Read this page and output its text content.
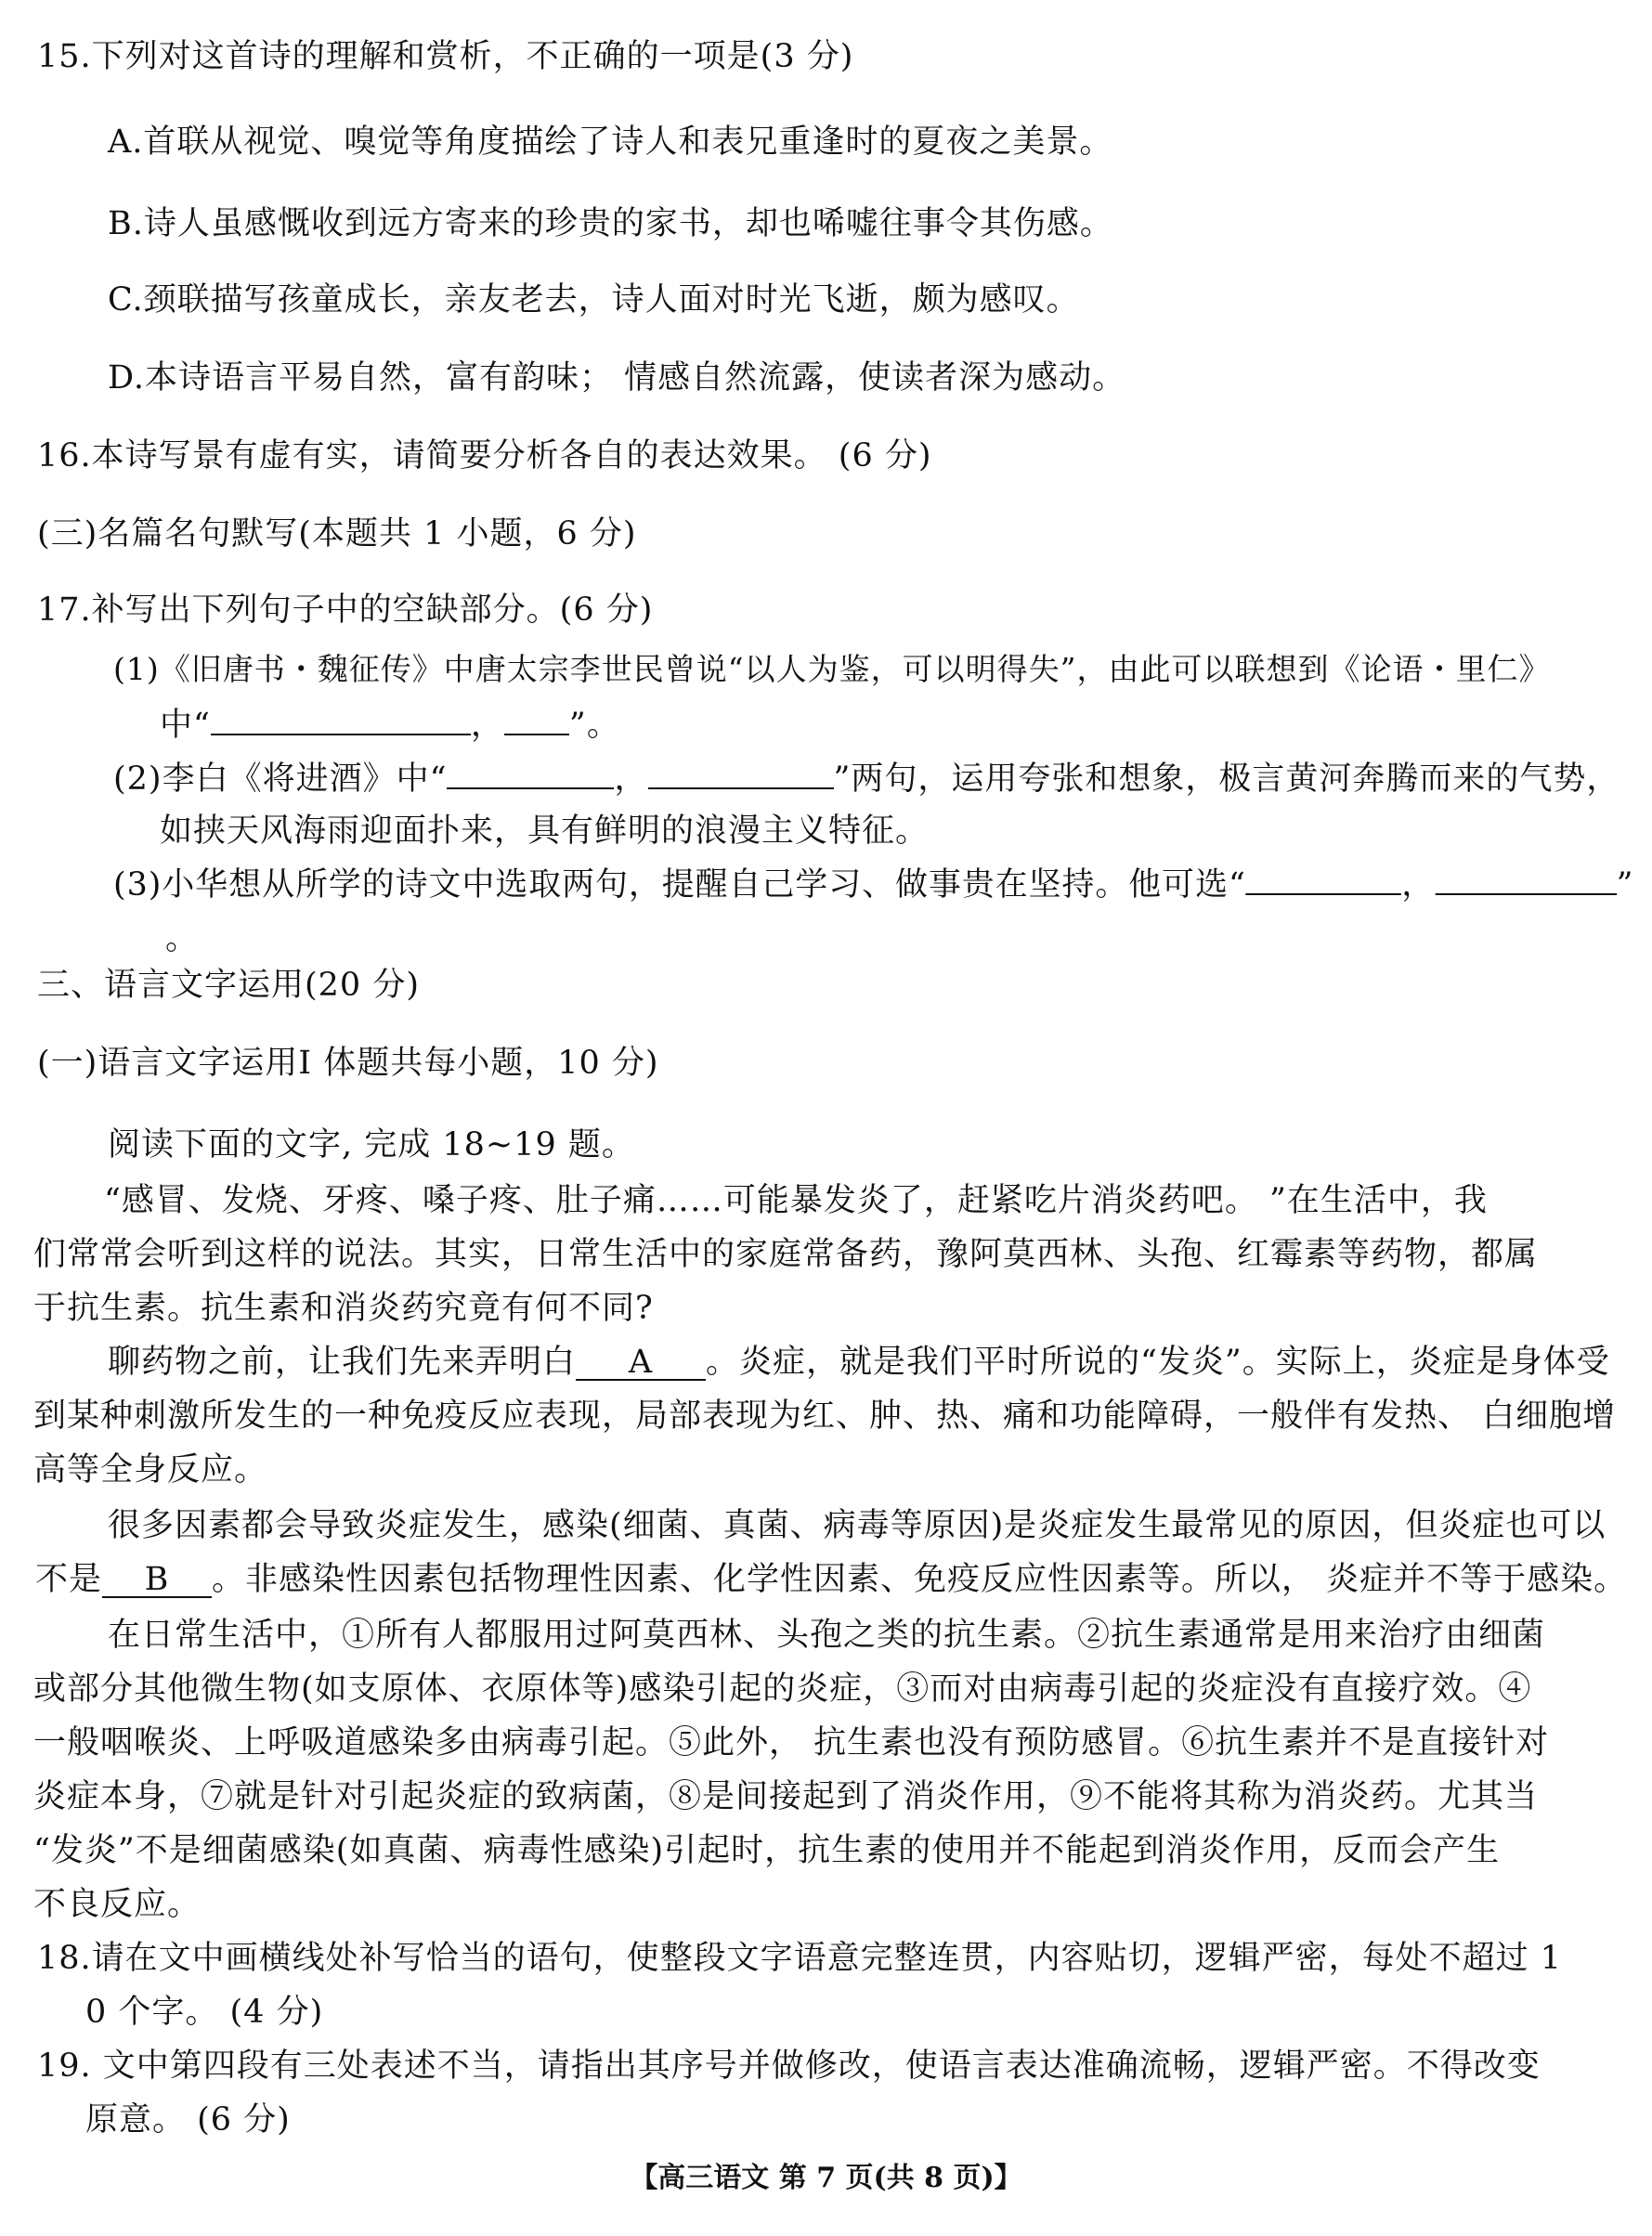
15.下列对这首诗的理解和赏析，不正确的一项是(3 分)
A.首联从视觉、嗅觉等角度描绘了诗人和表兄重逢时的夏夜之美景。
B.诗人虽感慨收到远方寄来的珍贵的家书，却也唏嘘往事令其伤感。
C.颈联描写孩童成长，亲友老去，诗人面对时光飞逝，颇为感叹。
D.本诗语言平易自然，富有韵味； 情感自然流露，使读者深为感动。
16.本诗写景有虚有实，请简要分析各自的表达效果。 (6 分)
(三)名篇名句默写(本题共 1 小题，6 分)
17.补写出下列句子中的空缺部分。(6 分)
(1)《旧唐书・魏征传》中唐太宗李世民曾说“以人为鉴，可以明得失”，由此可以联想到《论语・里仁》
中“	， ”。
(2)李白《将进酒》中“	，	”两句，运用夸张和想象，极言黄河奔腾而来的气势，
如挟天风海雨迎面扑来，具有鲜明的浪漫主义特征。
(3)小华想从所学的诗文中选取两句，提醒自己学习、做事贵在坚持。他可选“	，	”
。
三、语言文字运用(20 分)
(一)语言文字运用Ⅰ 体题共每小题，10 分)
阅读下面的文字, 完成 18~19 题。
“感冒、发烧、牙疼、嗓子疼、肚子痛……可能暴发炎了，赶紧吃片消炎药吧。 ”在生活中，我
们常常会听到这样的说法。其实，日常生活中的家庭常备药，豫阿莫西林、头孢、红霉素等药物，都属
于抗生素。抗生素和消炎药究竟有何不同?
聊药物之前，让我们先来弄明白 A 。炎症，就是我们平时所说的“发炎”。实际上，炎症是身体受
到某种刺激所发生的一种免疫反应表现，局部表现为红、肿、热、痛和功能障碍，一般伴有发热、 白细胞增
高等全身反应。
很多因素都会导致炎症发生，感染(细菌、真菌、病毒等原因)是炎症发生最常见的原因，但炎症也可以
不是 B 。非感染性因素包括物理性因素、化学性因素、免疫反应性因素等。所以， 炎症并不等于感染。
在日常生活中，①所有人都服用过阿莫西林、头孢之类的抗生素。②抗生素通常是用来治疗由细菌
或部分其他微生物(如支原体、衣原体等)感染引起的炎症，③而对由病毒引起的炎症没有直接疗效。④
一般咽喉炎、上呼吸道感染多由病毒引起。⑤此外， 抗生素也没有预防感冒。⑥抗生素并不是直接针对
炎症本身，⑦就是针对引起炎症的致病菌，⑧是间接起到了消炎作用，⑨不能将其称为消炎药。尤其当
“发炎”不是细菌感染(如真菌、病毒性感染)引起时，抗生素的使用并不能起到消炎作用，反而会产生
不良反应。
18.请在文中画横线处补写恰当的语句，使整段文字语意完整连贯，内容贴切，逻辑严密，每处不超过 1
0 个字。 (4 分)
19. 文中第四段有三处表述不当，请指出其序号并做修改，使语言表达准确流畅，逻辑严密。不得改变
原意。 (6 分)
【高三语文 第 7 页(共 8 页)】
